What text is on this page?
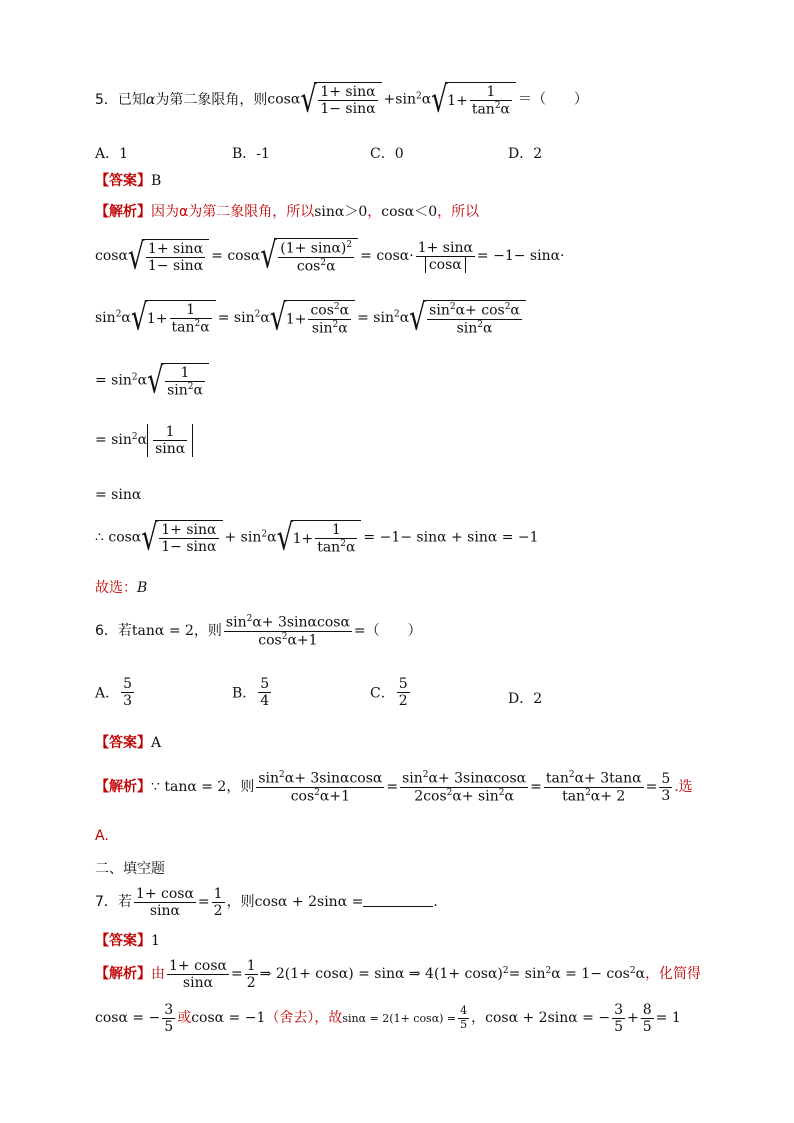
5．已知α为第二象限角，则cosα
√ $\frac{1+ \sin\alpha}{1- \sin\alpha} +\sin^2\alpha√$ $1+ \frac{1}{\tan^2\alpha}$ ＝（　　）
A．1	B．-1	C．0	D．2
【答案】B
【解析】因为α为第二象限角，所以sinα＞0，cosα＜0，所以
cosα
√ $\frac{1+ \sin\alpha}{1- \sin\alpha} = \cos\alpha$
√ $\frac{(1+ \sin\alpha)^2}{\cos^2\alpha} = \cos\alpha\cdot \frac{1+ \sin\alpha}{\cos\alpha} = -1- \sin\alpha\cdot$
$\sin^2\alpha√$ $1+ \frac{1}{\tan^2\alpha} = \sin^2\alpha√$ $1+ \frac{\cos^2\alpha}{\sin^2\alpha} = \sin^2\alpha$
√ $\frac{\sin^2\alpha+ \cos^2\alpha}{\sin^2\alpha}$
= $\sin^2\alpha$
√ $\frac{1}{\sin^2\alpha}$
= $\sin^2\alpha \frac{1}{\sin\alpha}$
= sinα
∴ cosα
√ $\frac{1+ \sin\alpha}{1- \sin\alpha} + \sin^2\alpha√$ $1+ \frac{1}{\tan^2\alpha} = -1- \sin\alpha + \sin\alpha = -1$
故选：B
6．若tanα = 2，则 $\frac{\sin^2\alpha+ 3\sin\alpha\cos\alpha}{\cos^2\alpha+1}$ =（　　）
A． $\frac{5}{3}$	B． $\frac{5}{4}$	C． $\frac{5}{2}$	D．2
【答案】A
【解析】∵ tanα = 2，则 $\frac{\sin^2\alpha+ 3\sin\alpha\cos\alpha}{\cos^2\alpha+1} = \frac{\sin^2\alpha+ 3\sin\alpha\cos\alpha}{2\cos^2\alpha+ \sin^2\alpha} = \frac{\tan^2\alpha+ 3\tan\alpha}{\tan^2\alpha+ 2} = \frac{5}{3}$ .选
A.
二、填空题
7．若 $\frac{1+ \cos\alpha}{\sin\alpha} = \frac{1}{2}$ ，则cosα + 2sinα =	．
【答案】1
【解析】由 $\frac{1+ \cos\alpha}{\sin\alpha} = \frac{1}{2}$ ⇒ 2(1+ cosα) = sinα ⇒ $4(1+ \cos\alpha)^2= \sin^2\alpha = 1- \cos^2\alpha$，化简得
cosα = − $\frac{3}{5}$ 或cosα = −1（舍去），故$\sin\alpha = 2(1+ \cos\alpha) = \frac{4}{5}$ ，cosα + 2sinα = − $\frac{3}{5} + \frac{8}{5} = 1$
